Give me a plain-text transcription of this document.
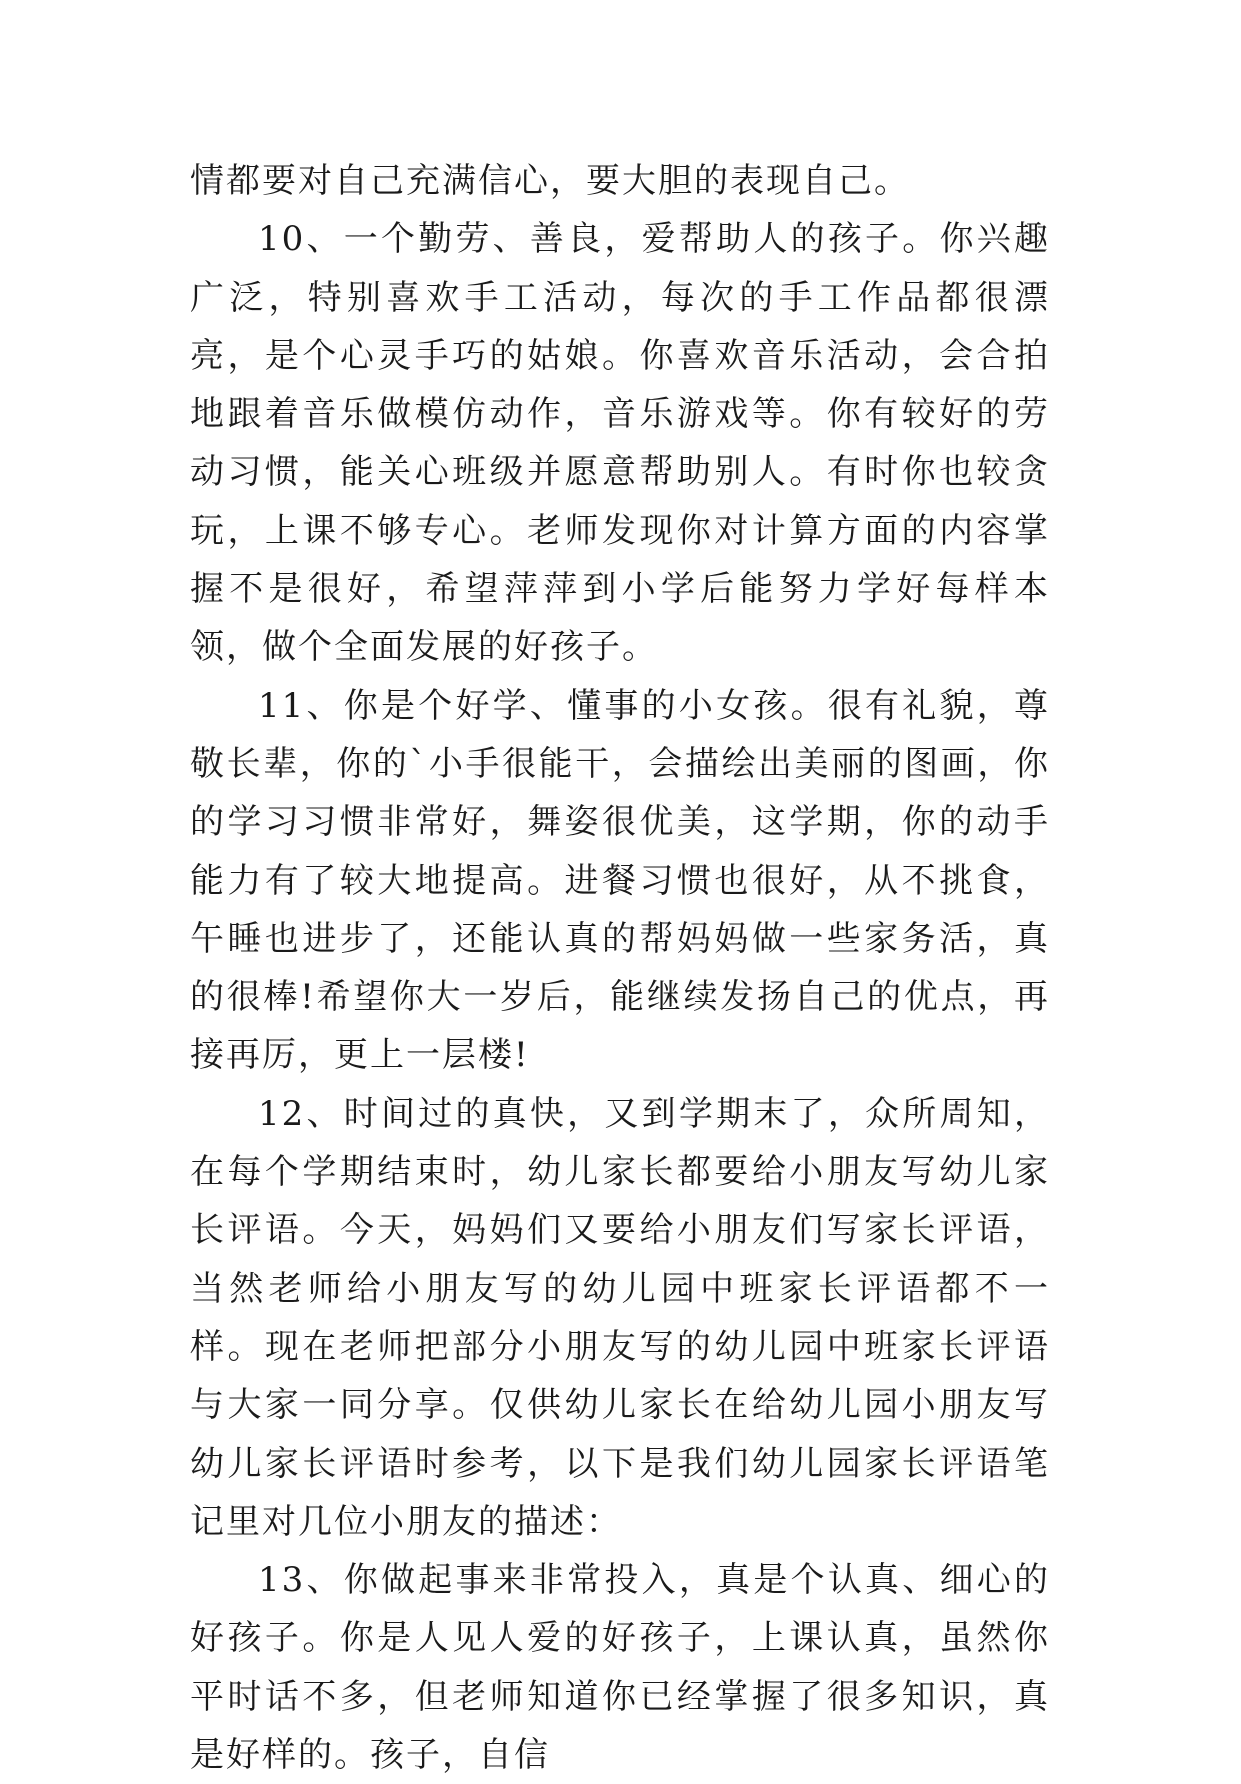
情都要对自己充满信心，要大胆的表现自己。

10、一个勤劳、善良，爱帮助人的孩子。你兴趣广泛，特别喜欢手工活动，每次的手工作品都很漂亮，是个心灵手巧的姑娘。你喜欢音乐活动，会合拍地跟着音乐做模仿动作，音乐游戏等。你有较好的劳动习惯，能关心班级并愿意帮助别人。有时你也较贪玩，上课不够专心。老师发现你对计算方面的内容掌握不是很好，希望萍萍到小学后能努力学好每样本领，做个全面发展的好孩子。

11、你是个好学、懂事的小女孩。很有礼貌，尊敬长辈，你的`小手很能干，会描绘出美丽的图画，你的学习习惯非常好，舞姿很优美，这学期，你的动手能力有了较大地提高。进餐习惯也很好，从不挑食，午睡也进步了，还能认真的帮妈妈做一些家务活，真的很棒!希望你大一岁后，能继续发扬自己的优点，再接再厉，更上一层楼!

12、时间过的真快，又到学期末了，众所周知，在每个学期结束时，幼儿家长都要给小朋友写幼儿家长评语。今天，妈妈们又要给小朋友们写家长评语，当然老师给小朋友写的幼儿园中班家长评语都不一样。现在老师把部分小朋友写的幼儿园中班家长评语与大家一同分享。仅供幼儿家长在给幼儿园小朋友写幼儿家长评语时参考，以下是我们幼儿园家长评语笔记里对几位小朋友的描述：

13、你做起事来非常投入，真是个认真、细心的好孩子。你是人见人爱的好孩子，上课认真，虽然你平时话不多，但老师知道你已经掌握了很多知识，真是好样的。孩子，自信
